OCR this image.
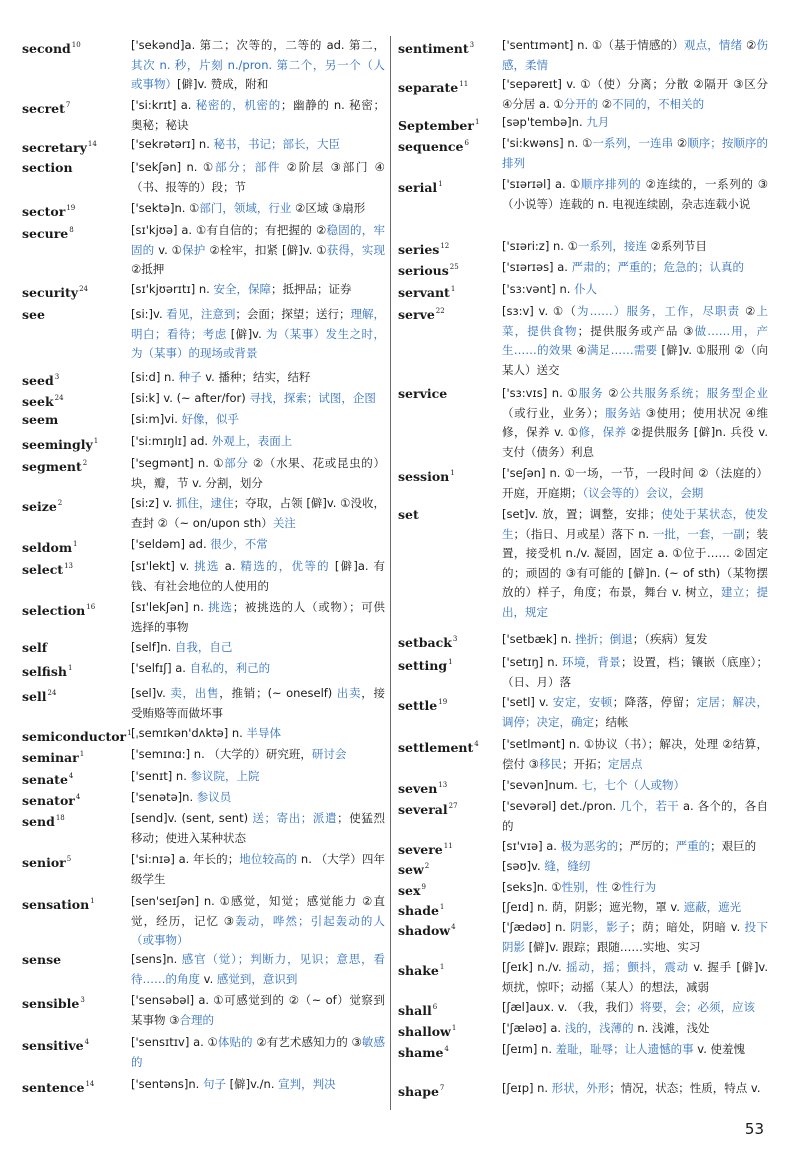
second$^{10}$	['sekənd]a. 第二；次等的，二等的 ad. 第二，其次 n. 秒，片刻 n./pron. 第二个，另一个（人或事物）[僻]v. 赞成，附和
secret$^7$	['si:krɪt] a. 秘密的，机密的；幽静的 n. 秘密；奥秘；秘诀
secretary$^{14}$	['sekrətərɪ] n. 秘书，书记；部长，大臣
section	['sekʃən] n. ①部分；部件 ②阶层 ③部门 ④（书、报等的）段；节
sector$^{19}$	['sektə]n. ①部门，领域，行业 ②区域 ③扇形
secure$^8$	[sɪ'kjʊə] a. ①有自信的；有把握的 ②稳固的，牢固的 v. ①保护 ②栓牢，扣紧 [僻]v. ①获得，实现 ②抵押
security$^{24}$	[sɪ'kjʊərɪtɪ] n. 安全，保障；抵押品；证券
see	[si:]v. 看见，注意到；会面；探望；送行；理解，明白；看待；考虑 [僻]v. 为（某事）发生之时，为（某事）的现场或背景
seed$^3$	[si:d] n. 种子 v. 播种；结实，结籽
seek$^{24}$	[si:k] v. (~ after/for) 寻找，探索；试图，企图
seem	[si:m]vi. 好像，似乎
seemingly$^1$	['si:mɪŋlɪ] ad. 外观上，表面上
segment$^2$	['segmənt] n. ①部分 ②（水果、花或昆虫的）块，瓣，节 v. 分割，划分
seize$^2$	[si:z] v. 抓住，逮住；夺取，占领 [僻]v. ①没收，查封 ②（~ on/upon sth）关注
seldom$^1$	['seldəm] ad. 很少，不常
select$^{13}$	[sɪ'lekt] v. 挑选 a. 精选的，优等的 [僻]a. 有钱、有社会地位的人使用的
selection$^{16}$	[sɪ'lekʃən] n. 挑选；被挑选的人（或物）；可供选择的事物
self	[self]n. 自我，自己
selfish$^1$	['selfɪʃ] a. 自私的，利己的
sell$^{24}$	[sel]v. 卖，出售，推销；(~ oneself) 出卖，接受贿赂等而做坏事
semiconductor$^1$ [ˌsemɪkən'dʌktə] n. 半导体
seminar$^1$	['semɪnɑ:] n. （大学的）研究班，研讨会
senate$^4$	['senɪt] n. 参议院，上院
senator$^4$	['senətə]n. 参议员
send$^{18}$	[send]v. (sent, sent) 送；寄出；派遣；使猛烈移动；使进入某种状态
senior$^5$	['si:nɪə] a. 年长的；地位较高的 n. （大学）四年级学生
sensation$^1$	[sen'seɪʃən] n. ①感觉，知觉；感觉能力 ②直觉，经历，记忆 ③轰动，哗然；引起轰动的人（或事物）
sense	[sens]n. 感官（觉）；判断力，见识；意思，看待……的角度 v. 感觉到，意识到
sensible$^3$	['sensəbəl] a. ①可感觉到的 ②（~ of）觉察到某事物 ③合理的
sensitive$^4$	['sensɪtɪv] a. ①体贴的 ②有艺术感知力的 ③敏感的
sentence$^{14}$	['sentəns]n. 句子 [僻]v./n. 宣判，判决
sentiment$^3$ ['sentɪmənt] n. ①（基于情感的）观点，情绪 ②伤感，柔情
separate$^{11}$	['sepəreɪt] v. ①（使）分离；分散 ②隔开 ③区分 ④分居 a. ①分开的 ②不同的，不相关的
September$^1$ [səp'tembə]n. 九月
sequence$^6$	['si:kwəns] n. ①一系列，一连串 ②顺序；按顺序的排列
serial$^1$	['sɪərɪəl] a. ①顺序排列的 ②连续的，一系列的 ③（小说等）连载的 n. 电视连续剧，杂志连载小说
series$^{12}$	['sɪəri:z] n. ①一系列，接连 ②系列节目
serious$^{25}$	['sɪərɪəs] a. 严肃的；严重的；危急的；认真的
servant$^1$	['sɜ:vənt] n. 仆人
serve$^{22}$	[sɜ:v] v. ①（为……）服务，工作，尽职责 ②上菜，提供食物；提供服务或产品 ③做……用，产生……的效果 ④满足……需要 [僻]v. ①服刑 ②（向某人）送交
service	['sɜ:vɪs] n. ①服务 ②公共服务系统；服务型企业（或行业，业务）；服务站 ③使用；使用状况 ④维修，保养 v. ①修，保养 ②提供服务 [僻]n. 兵役 v. 支付（债务）利息
session$^1$	['seʃən] n. ①一场，一节，一段时间 ②（法庭的）开庭，开庭期；（议会等的）会议，会期
set	[set]v. 放，置；调整，安排；使处于某状态，使发生；（指日、月或星）落下 n. 一批，一套，一副；装置，接受机 n./v. 凝固，固定 a. ①位于…… ②固定的；顽固的 ③有可能的 [僻]n. (~ of sth)（某物摆放的）样子，角度；布景，舞台 v. 树立，建立；提出，规定
setback$^3$	['setbæk] n. 挫折；倒退；（疾病）复发
setting$^1$	['setɪŋ] n. 环境，背景；设置，档；镶嵌（底座）；（日、月）落
settle$^{19}$	['setl] v. 安定，安顿；降落，停留；定居；解决，调停；决定，确定；结帐
settlement$^4$ ['setlmənt] n. ①协议（书）；解决，处理 ②结算，偿付 ③移民；开拓；定居点
seven$^{13}$	['sevən]num. 七，七个（人或物）
several$^{27}$	['sevərəl] det./pron. 几个，若干 a. 各个的，各自的
severe$^{11}$	[sɪ'vɪə] a. 极为恶劣的；严厉的；严重的；艰巨的
sew$^2$	[səʊ]v. 缝，缝纫
sex$^9$	[seks]n. ①性别，性 ②性行为
shade$^1$	[ʃeɪd] n. 荫，阴影；遮光物，罩 v. 遮蔽，遮光
shadow$^4$	['ʃædəʊ] n. 阴影，影子；荫；暗处，阴暗 v. 投下阴影 [僻]v. 跟踪；跟随……实地、实习
shake$^1$	[ʃeɪk] n./v. 摇动，摇；颤抖，震动 v. 握手 [僻]v. 烦扰，惊吓；动摇（某人）的想法，减弱
shall$^6$	[ʃæl]aux. v. （我，我们）将要，会；必须，应该
shallow$^1$	['ʃæləʊ] a. 浅的，浅薄的 n. 浅滩，浅处
shame$^4$	[ʃeɪm] n. 羞耻，耻辱；让人遗憾的事 v. 使羞愧
shape$^7$	[ʃeɪp] n. 形状，外形；情况，状态；性质，特点 v.
53
